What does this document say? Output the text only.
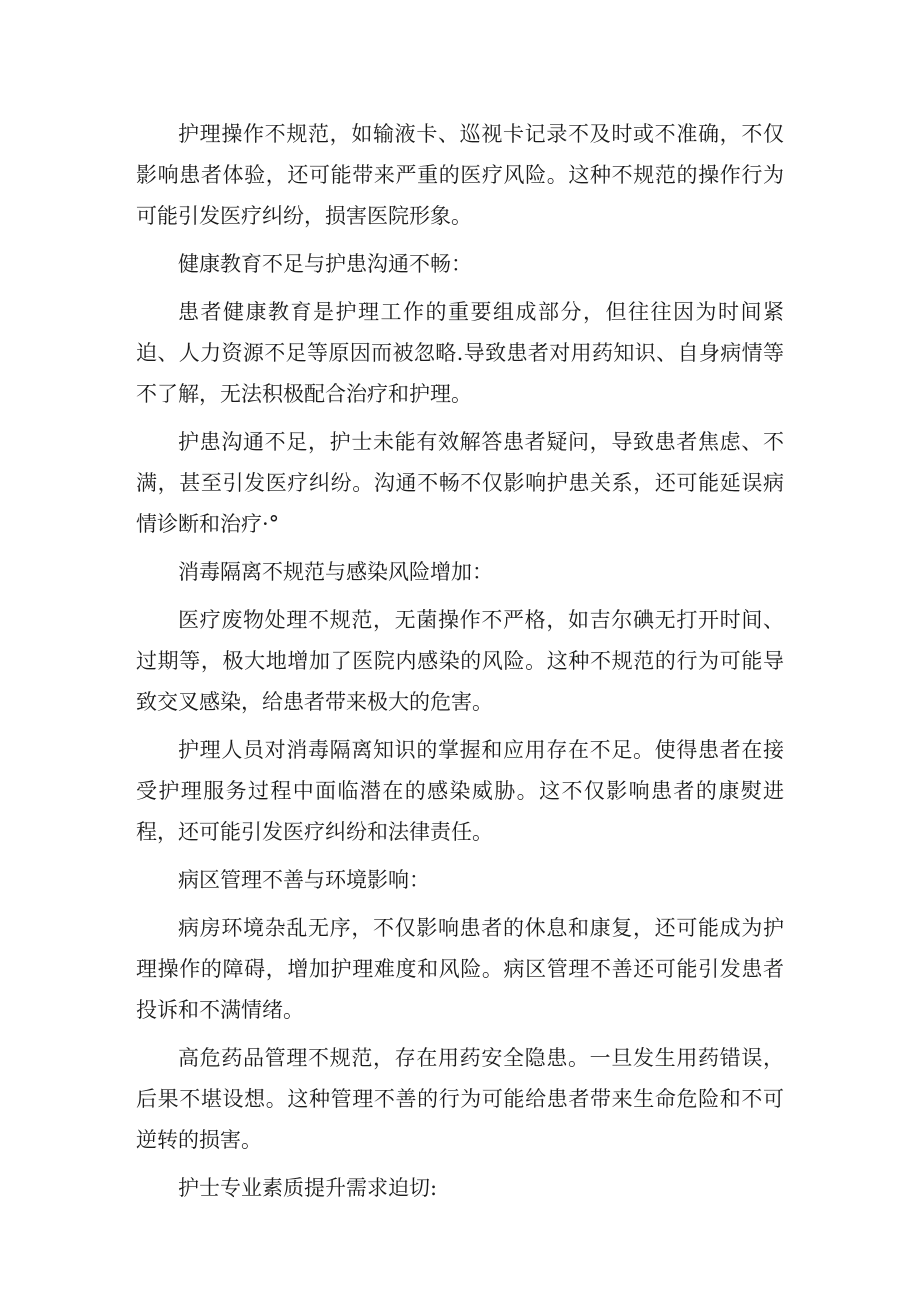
护理操作不规范，如输液卡、巡视卡记录不及时或不准确，不仅影响患者体验，还可能带来严重的医疗风险。这种不规范的操作行为可能引发医疗纠纷，损害医院形象。

健康教育不足与护患沟通不畅：

患者健康教育是护理工作的重要组成部分，但往往因为时间紧迫、人力资源不足等原因而被忽略.导致患者对用药知识、自身病情等不了解，无法积极配合治疗和护理。

护患沟通不足，护士未能有效解答患者疑问，导致患者焦虑、不满，甚至引发医疗纠纷。沟通不畅不仅影响护患关系，还可能延误病情诊断和治疗·°

消毒隔离不规范与感染风险增加：

医疗废物处理不规范，无菌操作不严格，如吉尔碘无打开时间、过期等，极大地增加了医院内感染的风险。这种不规范的行为可能导致交叉感染，给患者带来极大的危害。

护理人员对消毒隔离知识的掌握和应用存在不足。使得患者在接受护理服务过程中面临潜在的感染威胁。这不仅影响患者的康熨进程，还可能引发医疗纠纷和法律责任。

病区管理不善与环境影响：

病房环境杂乱无序，不仅影响患者的休息和康复，还可能成为护理操作的障碍，增加护理难度和风险。病区管理不善还可能引发患者投诉和不满情绪。

高危药品管理不规范，存在用药安全隐患。一旦发生用药错误，后果不堪设想。这种管理不善的行为可能给患者带来生命危险和不可逆转的损害。

护士专业素质提升需求迫切:
